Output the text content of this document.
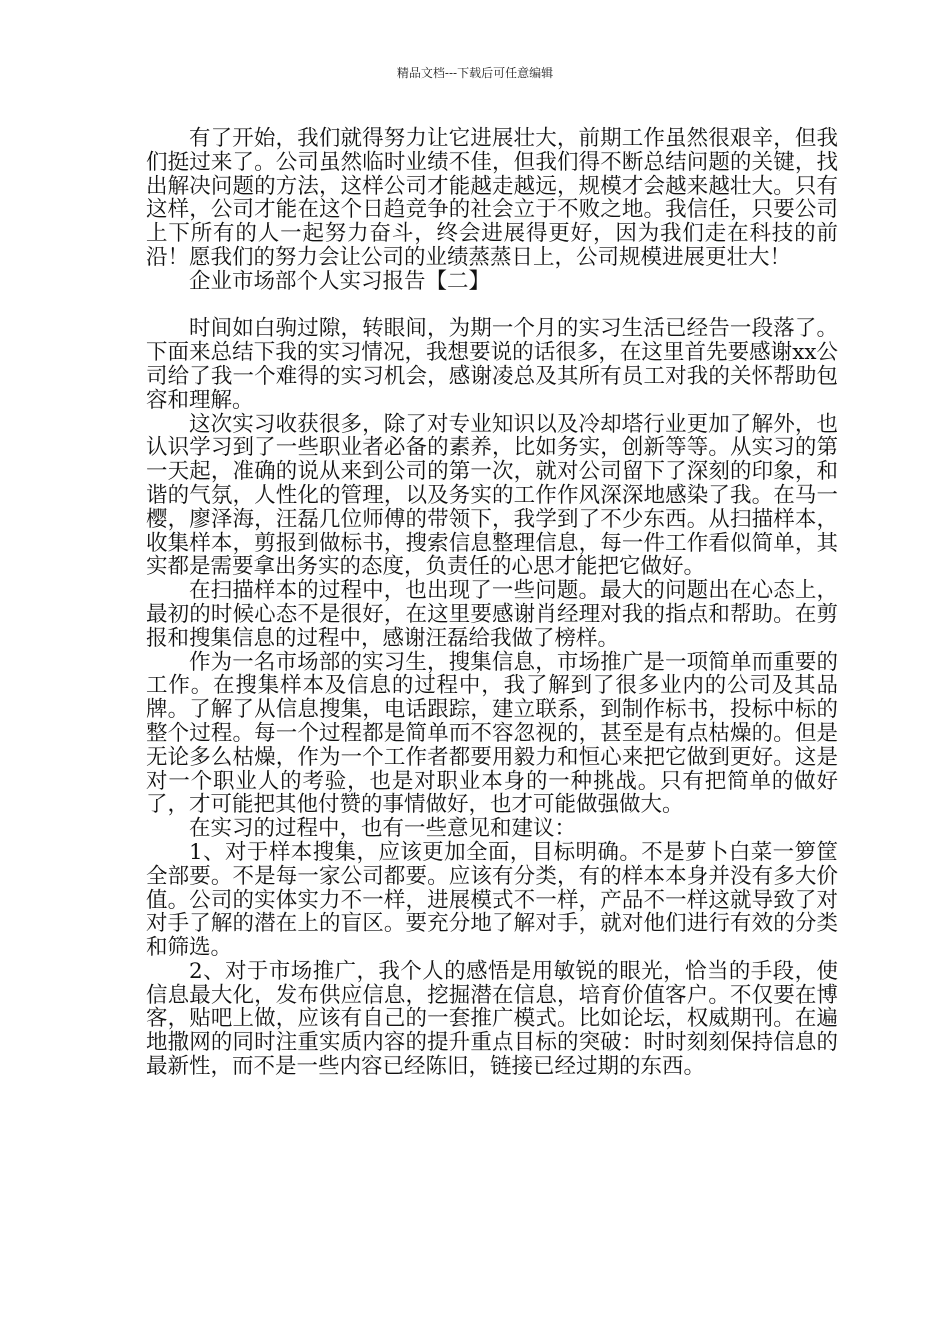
精品文档---下载后可任意编辑

有了开始，我们就得努力让它进展壮大，前期工作虽然很艰辛，但我们挺过来了。公司虽然临时业绩不佳，但我们得不断总结问题的关键，找出解决问题的方法，这样公司才能越走越远，规模才会越来越壮大。只有这样，公司才能在这个日趋竞争的社会立于不败之地。我信任，只要公司上下所有的人一起努力奋斗，终会进展得更好，因为我们走在科技的前沿！愿我们的努力会让公司的业绩蒸蒸日上，公司规模进展更壮大！

企业市场部个人实习报告【二】

时间如白驹过隙，转眼间，为期一个月的实习生活已经告一段落了。下面来总结下我的实习情况，我想要说的话很多，在这里首先要感谢xx公司给了我一个难得的实习机会，感谢凌总及其所有员工对我的关怀帮助包容和理解。

这次实习收获很多，除了对专业知识以及冷却塔行业更加了解外，也认识学习到了一些职业者必备的素养，比如务实，创新等等。从实习的第一天起，准确的说从来到公司的第一次，就对公司留下了深刻的印象，和谐的气氛，人性化的管理，以及务实的工作作风深深地感染了我。在马一樱，廖泽海，汪磊几位师傅的带领下，我学到了不少东西。从扫描样本，收集样本，剪报到做标书，搜索信息整理信息，每一件工作看似简单，其实都是需要拿出务实的态度，负责任的心思才能把它做好。

在扫描样本的过程中，也出现了一些问题。最大的问题出在心态上，最初的时候心态不是很好，在这里要感谢肖经理对我的指点和帮助。在剪报和搜集信息的过程中，感谢汪磊给我做了榜样。

作为一名市场部的实习生，搜集信息，市场推广是一项简单而重要的工作。在搜集样本及信息的过程中，我了解到了很多业内的公司及其品牌。了解了从信息搜集，电话跟踪，建立联系，到制作标书，投标中标的整个过程。每一个过程都是简单而不容忽视的，甚至是有点枯燥的。但是无论多么枯燥，作为一个工作者都要用毅力和恒心来把它做到更好。这是对一个职业人的考验，也是对职业本身的一种挑战。只有把简单的做好了，才可能把其他付赞的事情做好，也才可能做强做大。

在实习的过程中，也有一些意见和建议：

1、对于样本搜集，应该更加全面，目标明确。不是萝卜白菜一箩筐全部要。不是每一家公司都要。应该有分类，有的样本本身并没有多大价值。公司的实体实力不一样，进展模式不一样，产品不一样这就导致了对对手了解的潜在上的盲区。要充分地了解对手，就对他们进行有效的分类和筛选。

2、对于市场推广，我个人的感悟是用敏锐的眼光，恰当的手段，使信息最大化，发布供应信息，挖掘潜在信息，培育价值客户。不仅要在博客，贴吧上做，应该有自己的一套推广模式。比如论坛，权威期刊。在遍地撒网的同时注重实质内容的提升重点目标的突破：时时刻刻保持信息的最新性，而不是一些内容已经陈旧，链接已经过期的东西。
